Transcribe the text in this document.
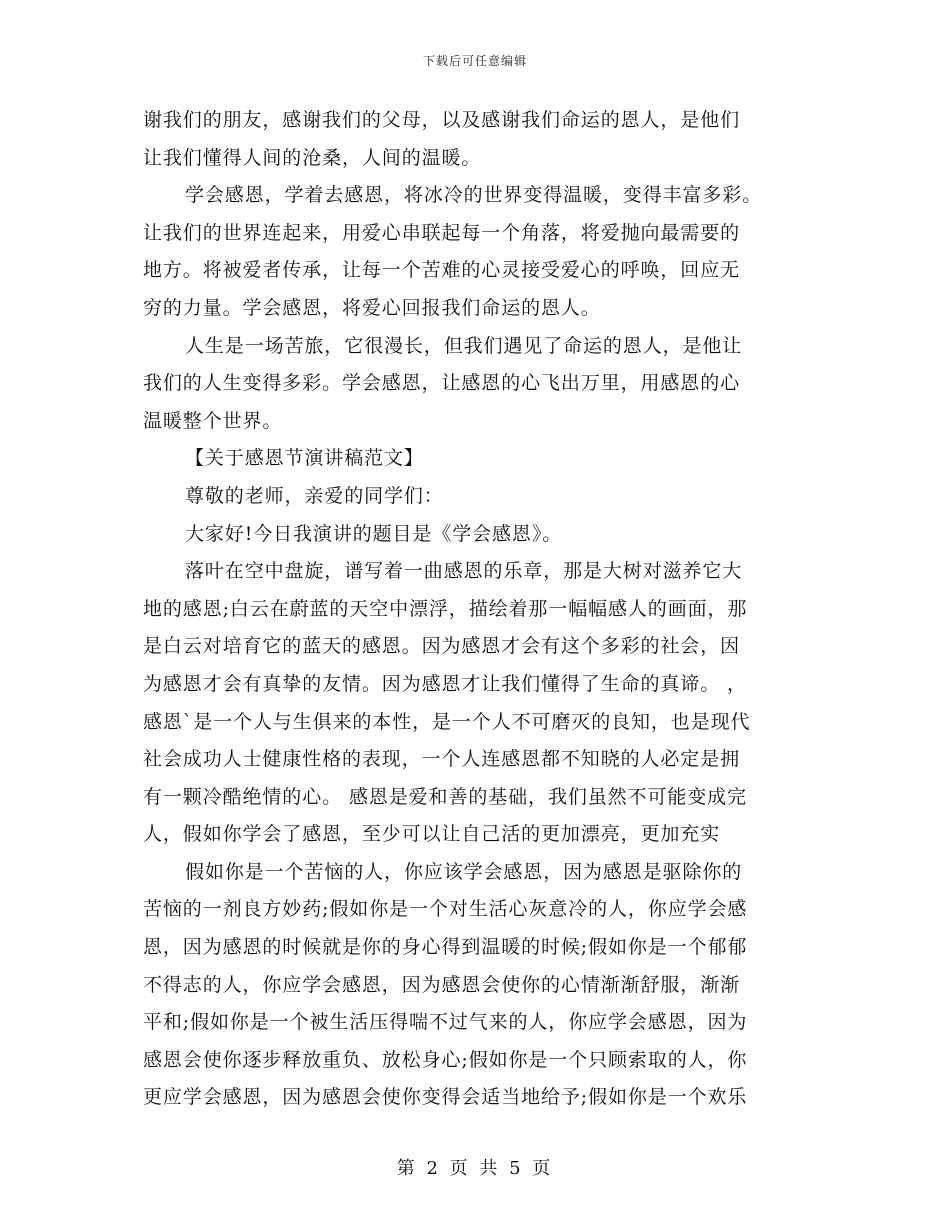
下载后可任意编辑
谢我们的朋友，感谢我们的父母，以及感谢我们命运的恩人，是他们
让我们懂得人间的沧桑，人间的温暖。
学会感恩，学着去感恩，将冰冷的世界变得温暖，变得丰富多彩。
让我们的世界连起来，用爱心串联起每一个角落，将爱抛向最需要的
地方。将被爱者传承，让每一个苦难的心灵接受爱心的呼唤，回应无
穷的力量。学会感恩，将爱心回报我们命运的恩人。
人生是一场苦旅，它很漫长，但我们遇见了命运的恩人，是他让
我们的人生变得多彩。学会感恩，让感恩的心飞出万里，用感恩的心
温暖整个世界。
【关于感恩节演讲稿范文】
尊敬的老师，亲爱的同学们：
大家好!今日我演讲的题目是《学会感恩》。
落叶在空中盘旋，谱写着一曲感恩的乐章，那是大树对滋养它大
地的感恩;白云在蔚蓝的天空中漂浮，描绘着那一幅幅感人的画面，那
是白云对培育它的蓝天的感恩。因为感恩才会有这个多彩的社会，因
为感恩才会有真挚的友情。因为感恩才让我们懂得了生命的真谛。 ，
感恩`是一个人与生俱来的本性，是一个人不可磨灭的良知，也是现代
社会成功人士健康性格的表现，一个人连感恩都不知晓的人必定是拥
有一颗冷酷绝情的心。 感恩是爱和善的基础，我们虽然不可能变成完
人，假如你学会了感恩，至少可以让自己活的更加漂亮，更加充实
假如你是一个苦恼的人，你应该学会感恩，因为感恩是驱除你的
苦恼的一剂良方妙药;假如你是一个对生活心灰意冷的人，你应学会感
恩，因为感恩的时候就是你的身心得到温暖的时候;假如你是一个郁郁
不得志的人，你应学会感恩，因为感恩会使你的心情渐渐舒服，渐渐
平和;假如你是一个被生活压得喘不过气来的人，你应学会感恩，因为
感恩会使你逐步释放重负、放松身心;假如你是一个只顾索取的人，你
更应学会感恩，因为感恩会使你变得会适当地给予;假如你是一个欢乐
第 2 页 共 5 页
